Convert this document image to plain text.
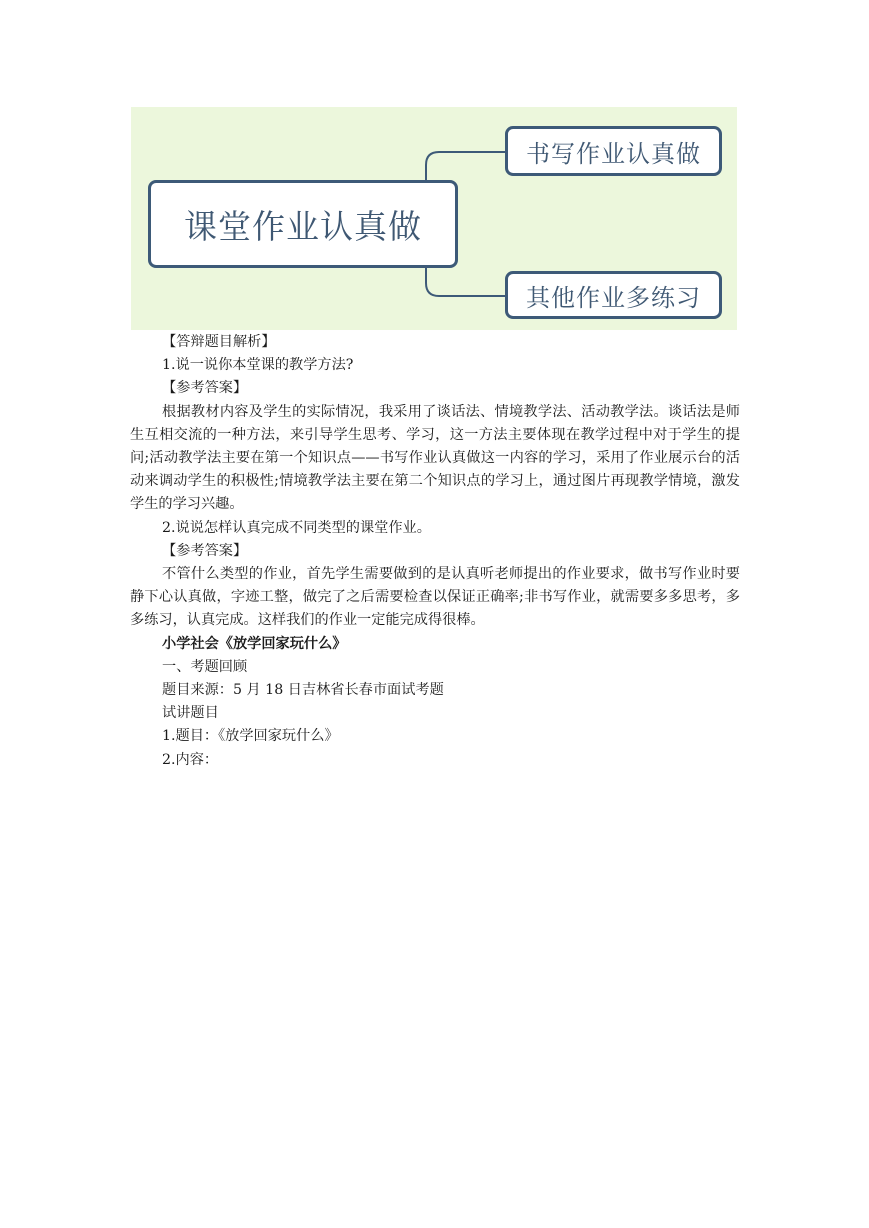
课堂作业认真做
书写作业认真做
其他作业多练习

【答辩题目解析】

1.说一说你本堂课的教学方法?

【参考答案】

根据教材内容及学生的实际情况，我采用了谈话法、情境教学法、活动教学法。谈话法是师生互相交流的一种方法，来引导学生思考、学习，这一方法主要体现在教学过程中对于学生的提问;活动教学法主要在第一个知识点——书写作业认真做这一内容的学习，采用了作业展示台的活动来调动学生的积极性;情境教学法主要在第二个知识点的学习上，通过图片再现教学情境，激发学生的学习兴趣。

2.说说怎样认真完成不同类型的课堂作业。

【参考答案】

不管什么类型的作业，首先学生需要做到的是认真听老师提出的作业要求，做书写作业时要静下心认真做，字迹工整，做完了之后需要检查以保证正确率;非书写作业，就需要多多思考，多多练习，认真完成。这样我们的作业一定能完成得很棒。

小学社会《放学回家玩什么》

一、考题回顾

题目来源：5 月 18 日吉林省长春市面试考题

试讲题目

1.题目：《放学回家玩什么》

2.内容：
